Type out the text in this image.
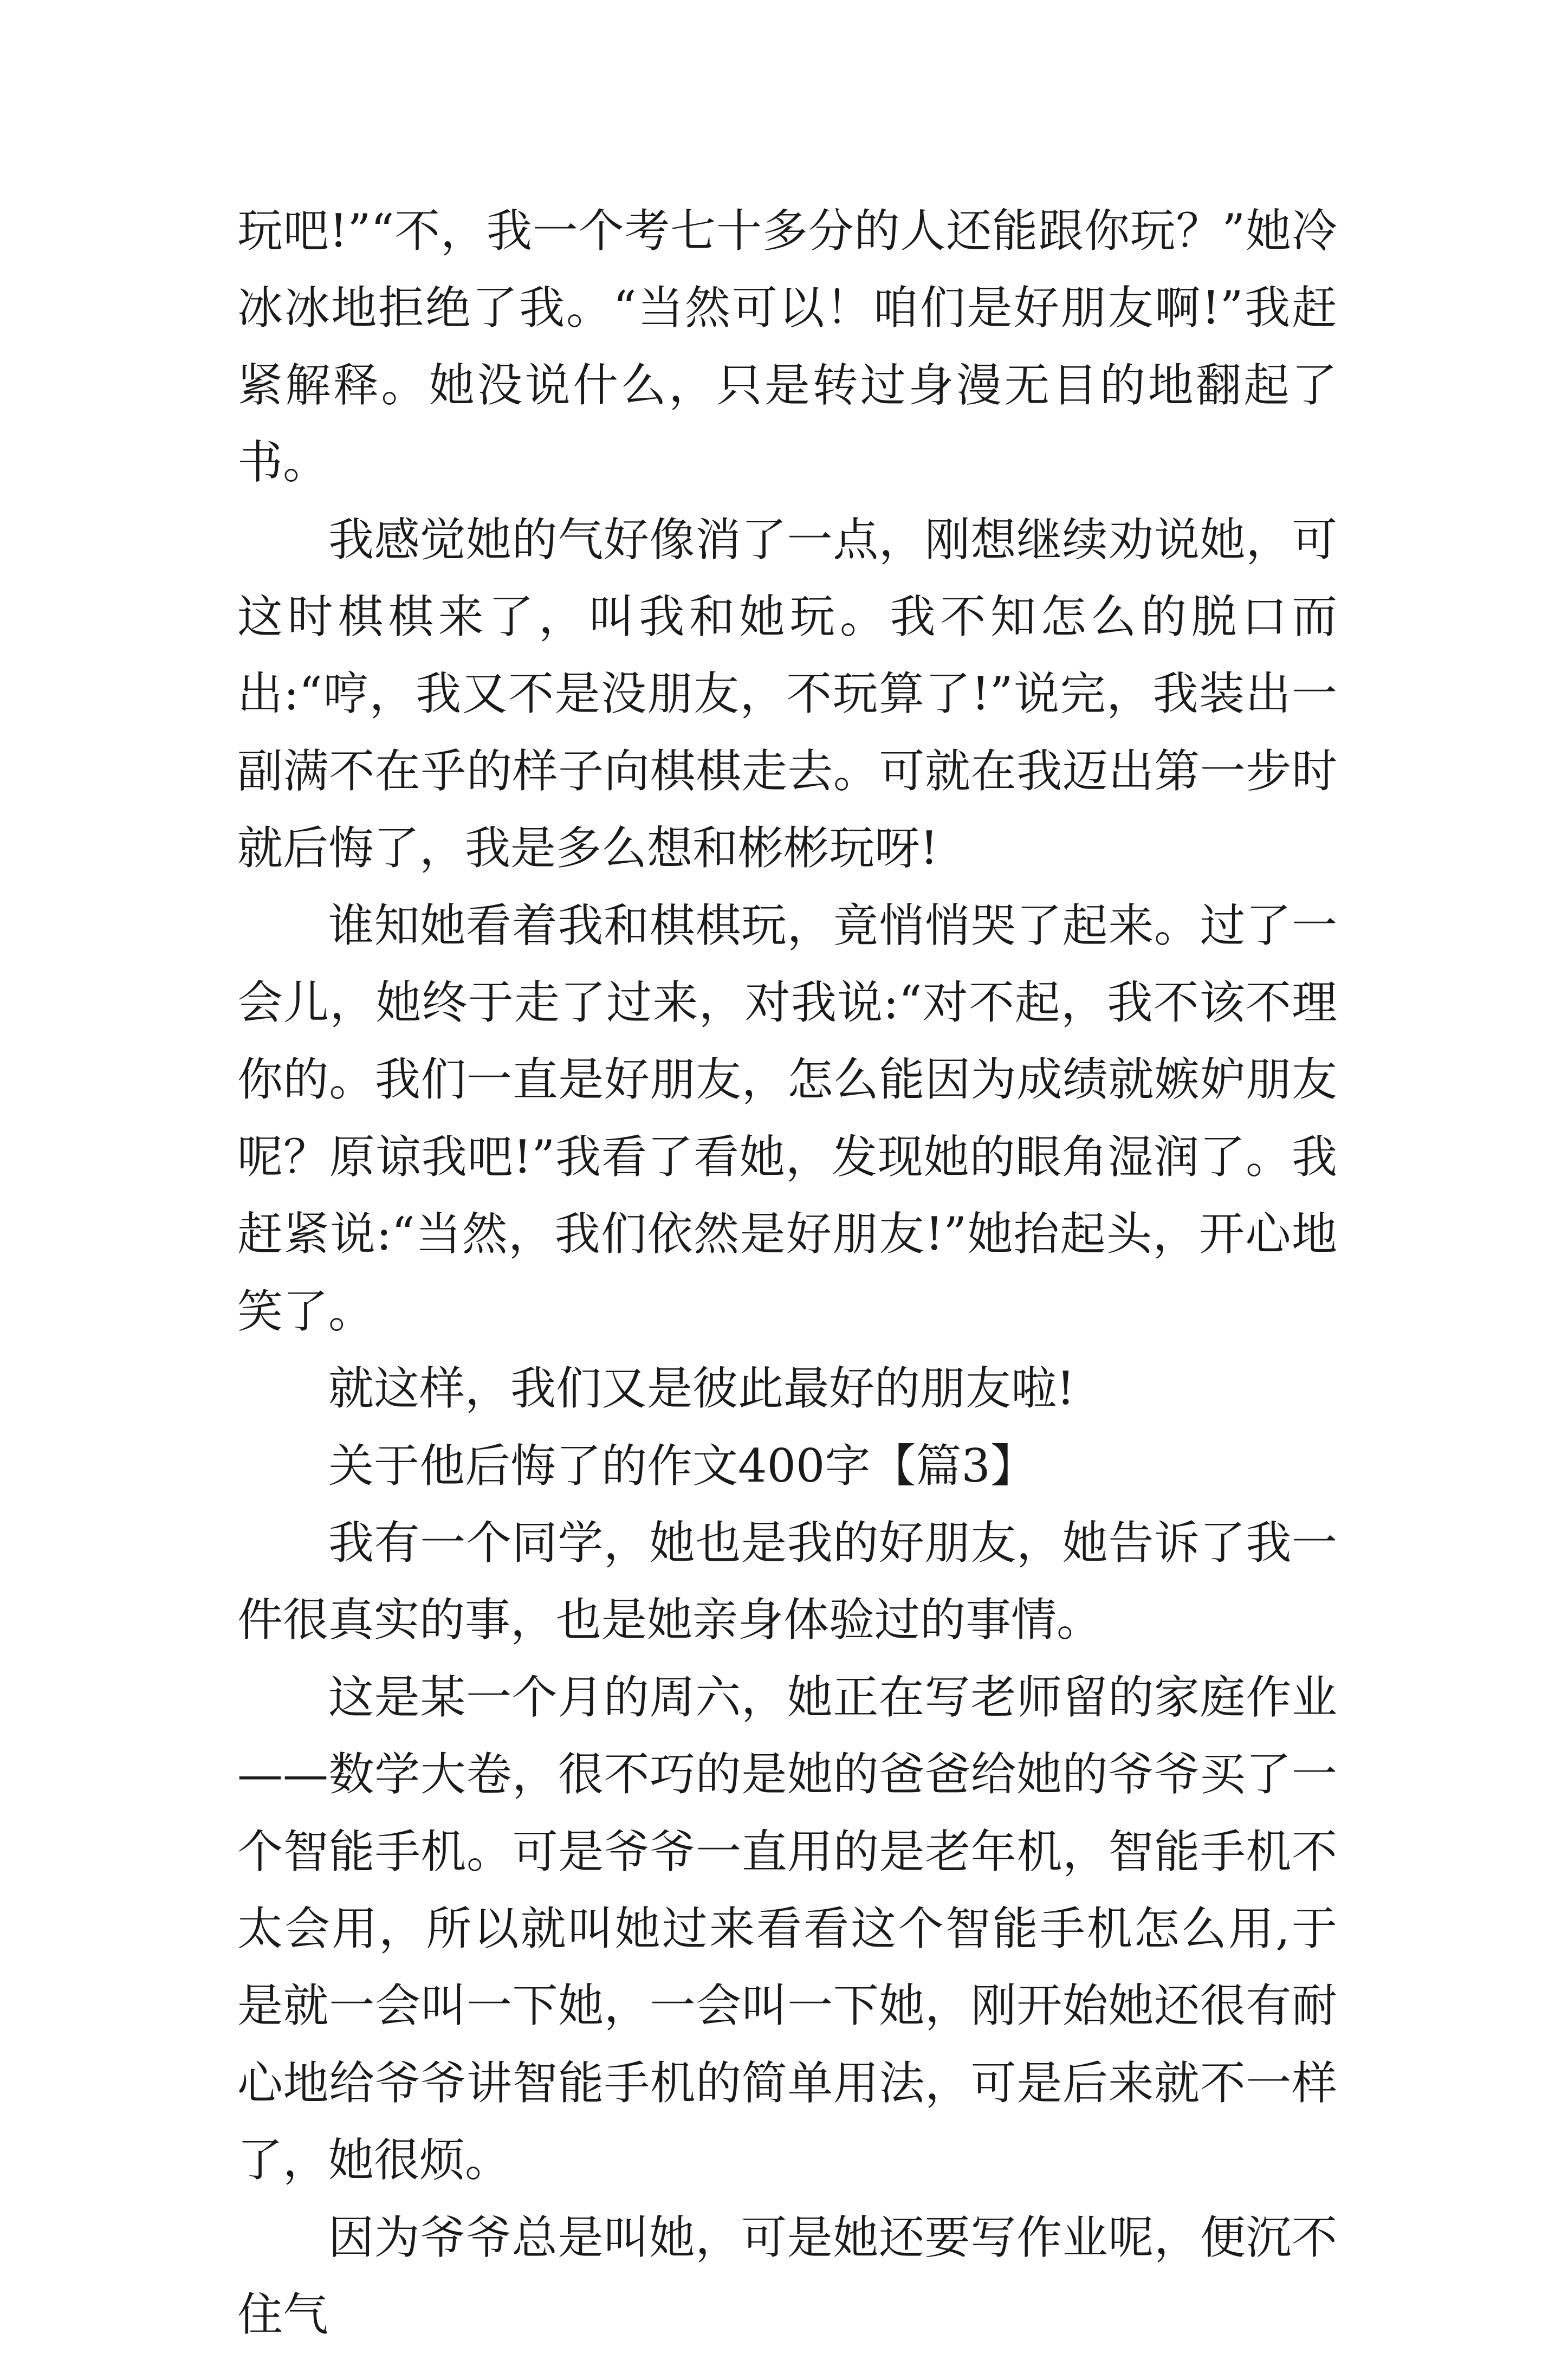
玩吧!”“不，我一个考七十多分的人还能跟你玩？”她冷冰冰地拒绝了我。“当然可以！咱们是好朋友啊!”我赶紧解释。她没说什么，只是转过身漫无目的地翻起了书。

我感觉她的气好像消了一点，刚想继续劝说她，可这时棋棋来了，叫我和她玩。我不知怎么的脱口而出:“哼，我又不是没朋友，不玩算了!”说完，我装出一副满不在乎的样子向棋棋走去。可就在我迈出第一步时就后悔了，我是多么想和彬彬玩呀!

谁知她看着我和棋棋玩，竟悄悄哭了起来。过了一会儿，她终于走了过来，对我说:“对不起，我不该不理你的。我们一直是好朋友，怎么能因为成绩就嫉妒朋友呢？原谅我吧!”我看了看她，发现她的眼角湿润了。我赶紧说:“当然，我们依然是好朋友!”她抬起头，开心地笑了。

就这样，我们又是彼此最好的朋友啦!

关于他后悔了的作文400字【篇3】

我有一个同学，她也是我的好朋友，她告诉了我一件很真实的事，也是她亲身体验过的事情。

这是某一个月的周六，她正在写老师留的家庭作业——数学大卷，很不巧的是她的爸爸给她的爷爷买了一个智能手机。可是爷爷一直用的是老年机，智能手机不太会用，所以就叫她过来看看这个智能手机怎么用,于是就一会叫一下她，一会叫一下她，刚开始她还很有耐心地给爷爷讲智能手机的简单用法，可是后来就不一样了，她很烦。

因为爷爷总是叫她，可是她还要写作业呢，便沉不住气
